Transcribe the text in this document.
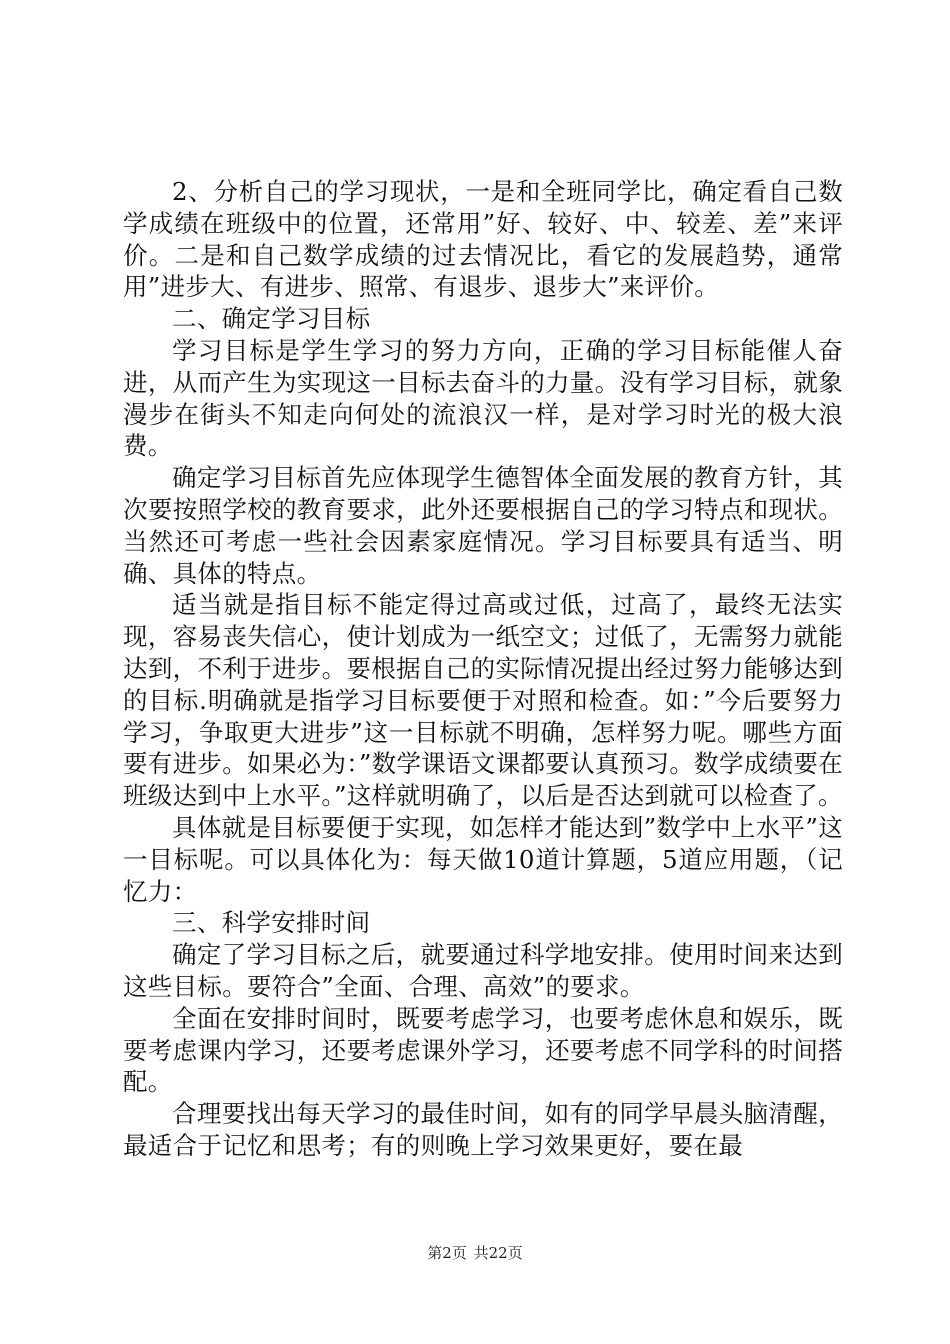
2、分析自己的学习现状，一是和全班同学比，确定看自己数学成绩在班级中的位置，还常用”好、较好、中、较差、差”来评价。二是和自己数学成绩的过去情况比，看它的发展趋势，通常用”进步大、有进步、照常、有退步、退步大”来评价。

二、确定学习目标

学习目标是学生学习的努力方向，正确的学习目标能催人奋进，从而产生为实现这一目标去奋斗的力量。没有学习目标，就象漫步在街头不知走向何处的流浪汉一样，是对学习时光的极大浪费。

确定学习目标首先应体现学生德智体全面发展的教育方针，其次要按照学校的教育要求，此外还要根据自己的学习特点和现状。当然还可考虑一些社会因素家庭情况。学习目标要具有适当、明确、具体的特点。

适当就是指目标不能定得过高或过低，过高了，最终无法实现，容易丧失信心，使计划成为一纸空文；过低了，无需努力就能达到，不利于进步。要根据自己的实际情况提出经过努力能够达到的目标.明确就是指学习目标要便于对照和检查。如：”今后要努力学习，争取更大进步”这一目标就不明确，怎样努力呢。哪些方面要有进步。如果必为：”数学课语文课都要认真预习。数学成绩要在班级达到中上水平。”这样就明确了，以后是否达到就可以检查了。

具体就是目标要便于实现，如怎样才能达到”数学中上水平”这一目标呢。可以具体化为：每天做10道计算题，5道应用题，（记忆力：

三、科学安排时间

确定了学习目标之后，就要通过科学地安排。使用时间来达到这些目标。要符合”全面、合理、高效”的要求。

全面在安排时间时，既要考虑学习，也要考虑休息和娱乐，既要考虑课内学习，还要考虑课外学习，还要考虑不同学科的时间搭配。

合理要找出每天学习的最佳时间，如有的同学早晨头脑清醒，最适合于记忆和思考；有的则晚上学习效果更好，要在最

第2页 共22页
